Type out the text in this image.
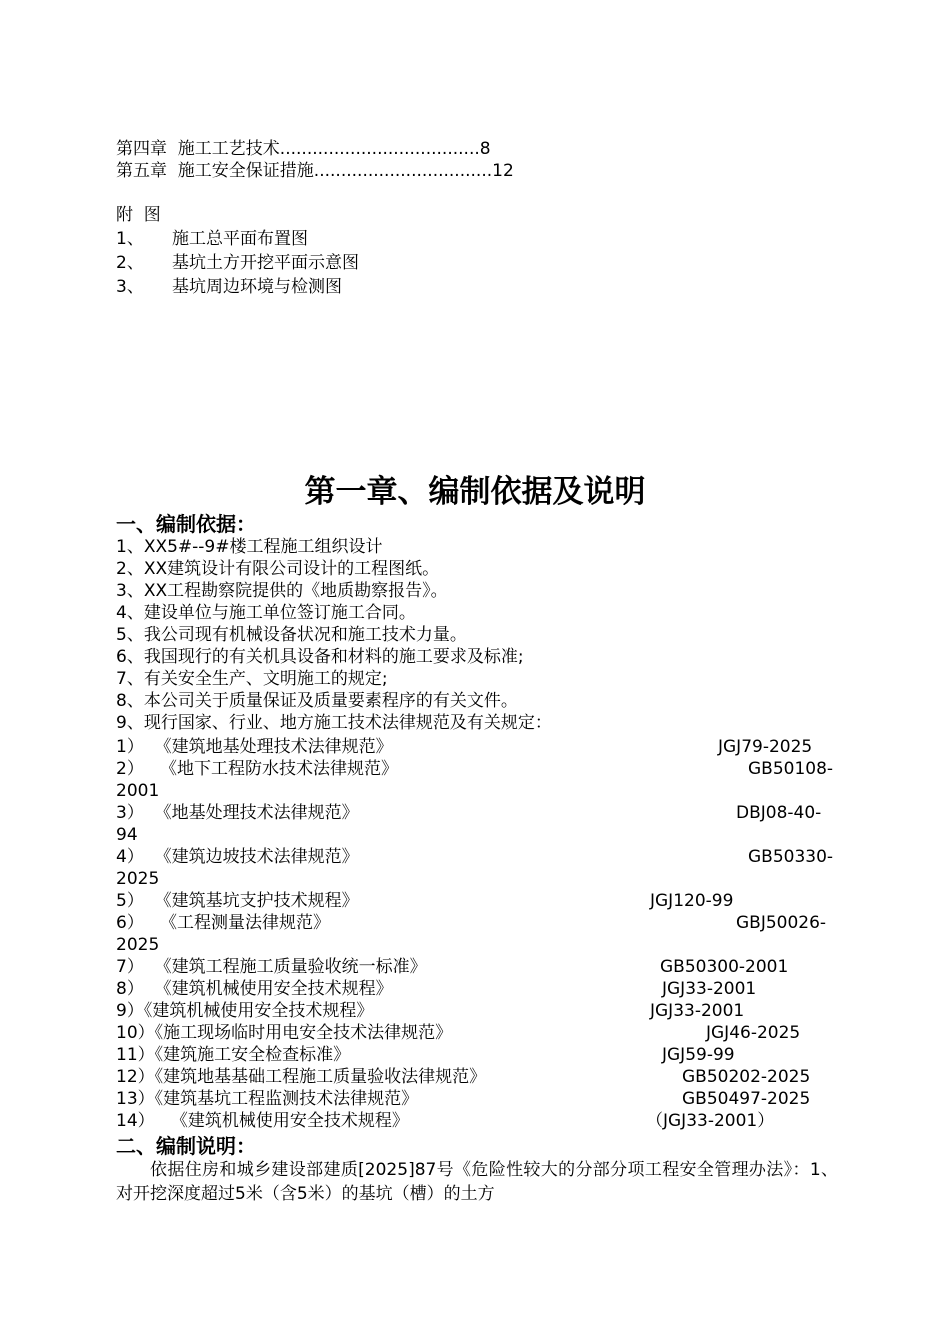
第四章  施工工艺技术.....................................8
第五章  施工安全保证措施.................................12
附  图
1、 施工总平面布置图
2、 基坑土方开挖平面示意图
3、 基坑周边环境与检测图
第一章、编制依据及说明
一、编制依据：
1、XX5#--9#楼工程施工组织设计
2、XX建筑设计有限公司设计的工程图纸。
3、XX工程勘察院提供的《地质勘察报告》。
4、建设单位与施工单位签订施工合同。
5、我公司现有机械设备状况和施工技术力量。
6、我国现行的有关机具设备和材料的施工要求及标准;
7、有关安全生产、文明施工的规定;
8、本公司关于质量保证及质量要素程序的有关文件。
9、现行国家、行业、地方施工技术法律规范及有关规定：
1）  《建筑地基处理技术法律规范》	JGJ79-2025
2）   《地下工程防水技术法律规范》	GB50108-
2001
3）  《地基处理技术法律规范》	DBJ08-40-
94
4）  《建筑边坡技术法律规范》	GB50330-
2025
5）  《建筑基坑支护技术规程》	JGJ120-99
6）   《工程测量法律规范》	GBJ50026-
2025
7）  《建筑工程施工质量验收统一标准》	GB50300-2001
8）  《建筑机械使用安全技术规程》	JGJ33-2001
9）《建筑机械使用安全技术规程》	JGJ33-2001
10）《施工现场临时用电安全技术法律规范》	JGJ46-2025
11）《建筑施工安全检查标准》	JGJ59-99
12）《建筑地基基础工程施工质量验收法律规范》	GB50202-2025
13）《建筑基坑工程监测技术法律规范》	GB50497-2025
14）   《建筑机械使用安全技术规程》	（JGJ33-2001）
二、编制说明：
依据住房和城乡建设部建质[2025]87号《危险性较大的分部分项工程安全管理办法》：1、对开挖深度超过5米（含5米）的基坑（槽）的土方
